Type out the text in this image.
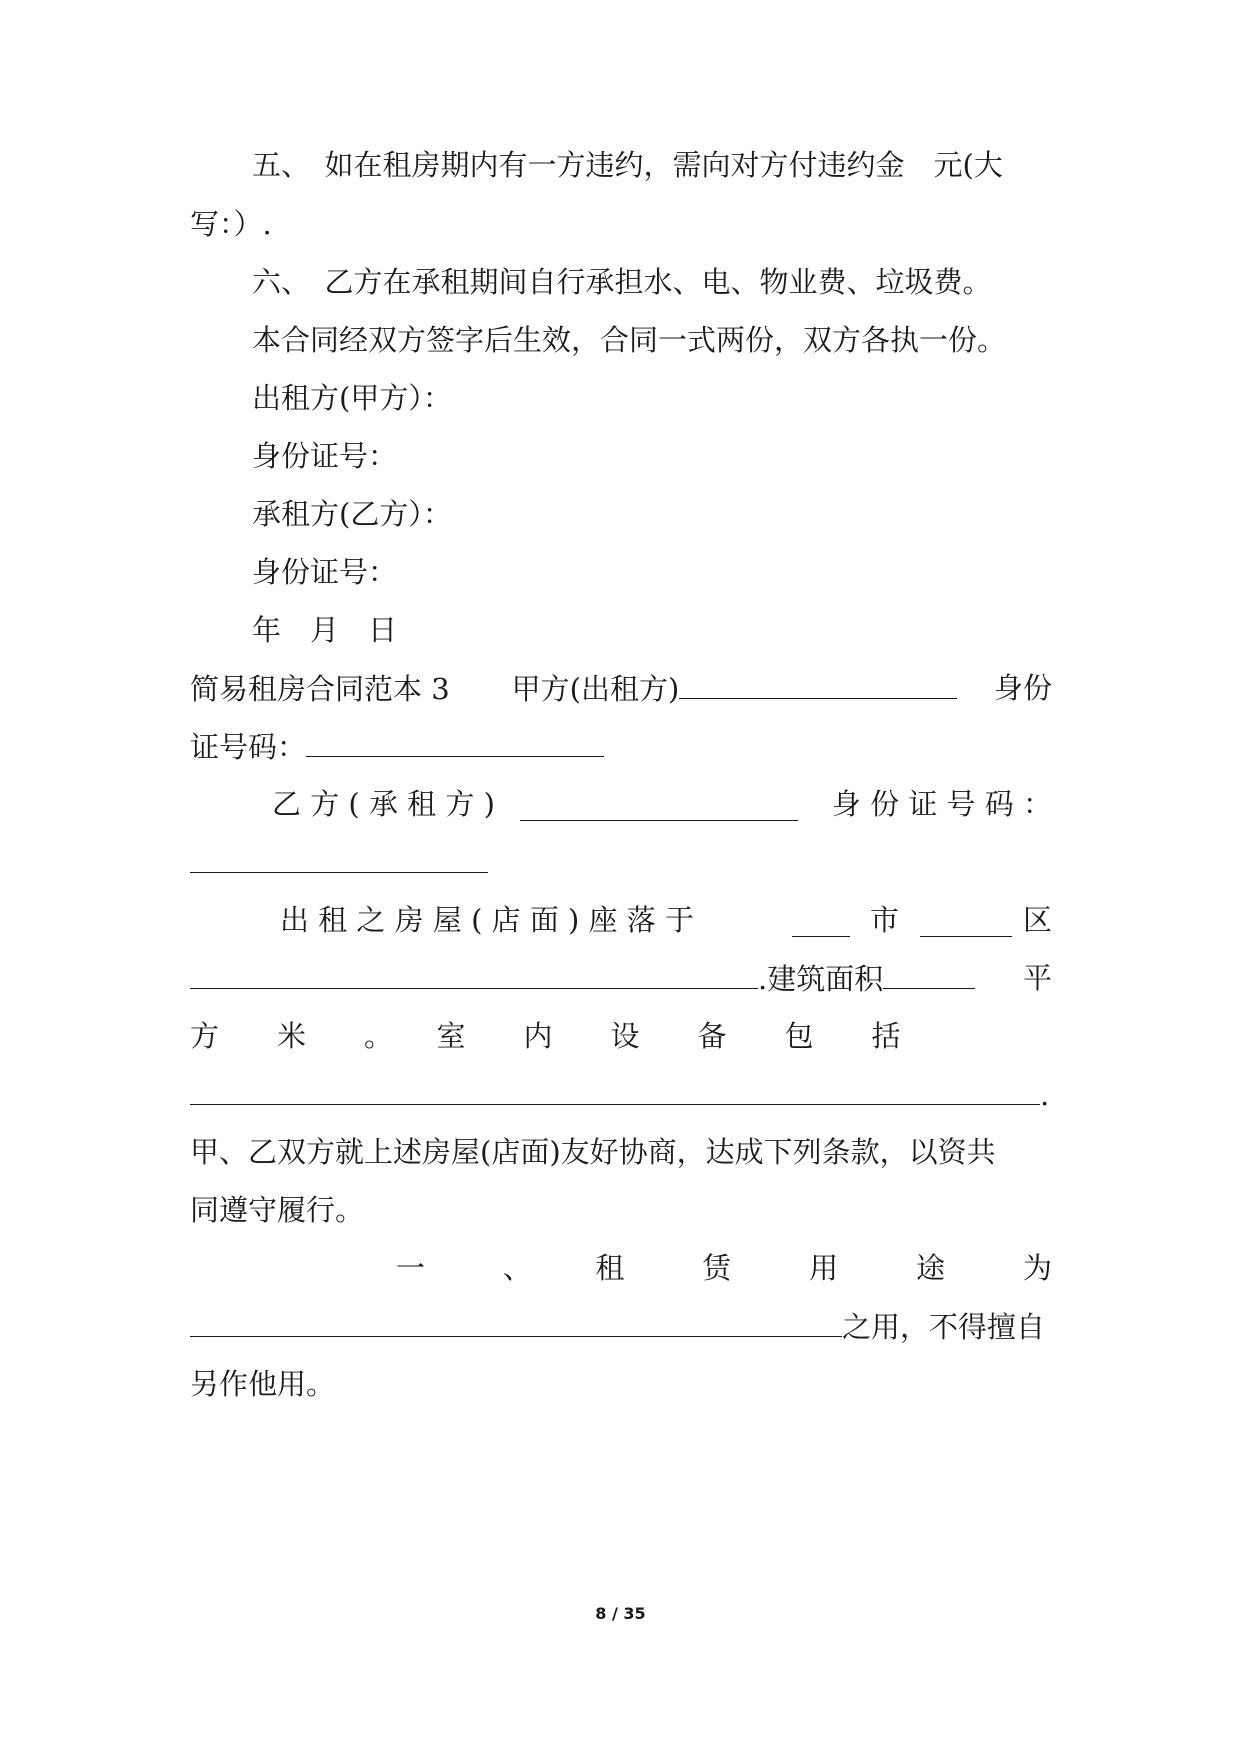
五、　如在租房期内有一方违约，需向对方付违约金　元(大
写：）.
六、　乙方在承租期间自行承担水、电、物业费、垃圾费。
本合同经双方签字后生效，合同一式两份，双方各执一份。
出租方(甲方）：
身份证号：
承租方(乙方）：
身份证号：
年　月　日
简易租房合同范本 3 甲方(出租方)	身份
证号码：
乙 方 ( 承 租 方 )	身 份 证 号 码 ：
出 租 之 房 屋 ( 店 面 ) 座 落 于	市	区
.建筑面积	平
方　　米　　。　　室　　内　　设　　备　　包　　括
.
甲、乙双方就上述房屋(店面)友好协商，达成下列条款，以资共
同遵守履行。
一　　、　　租　　赁　　用　　途　　为
之用，不得擅自
另作他用。
8 / 35
